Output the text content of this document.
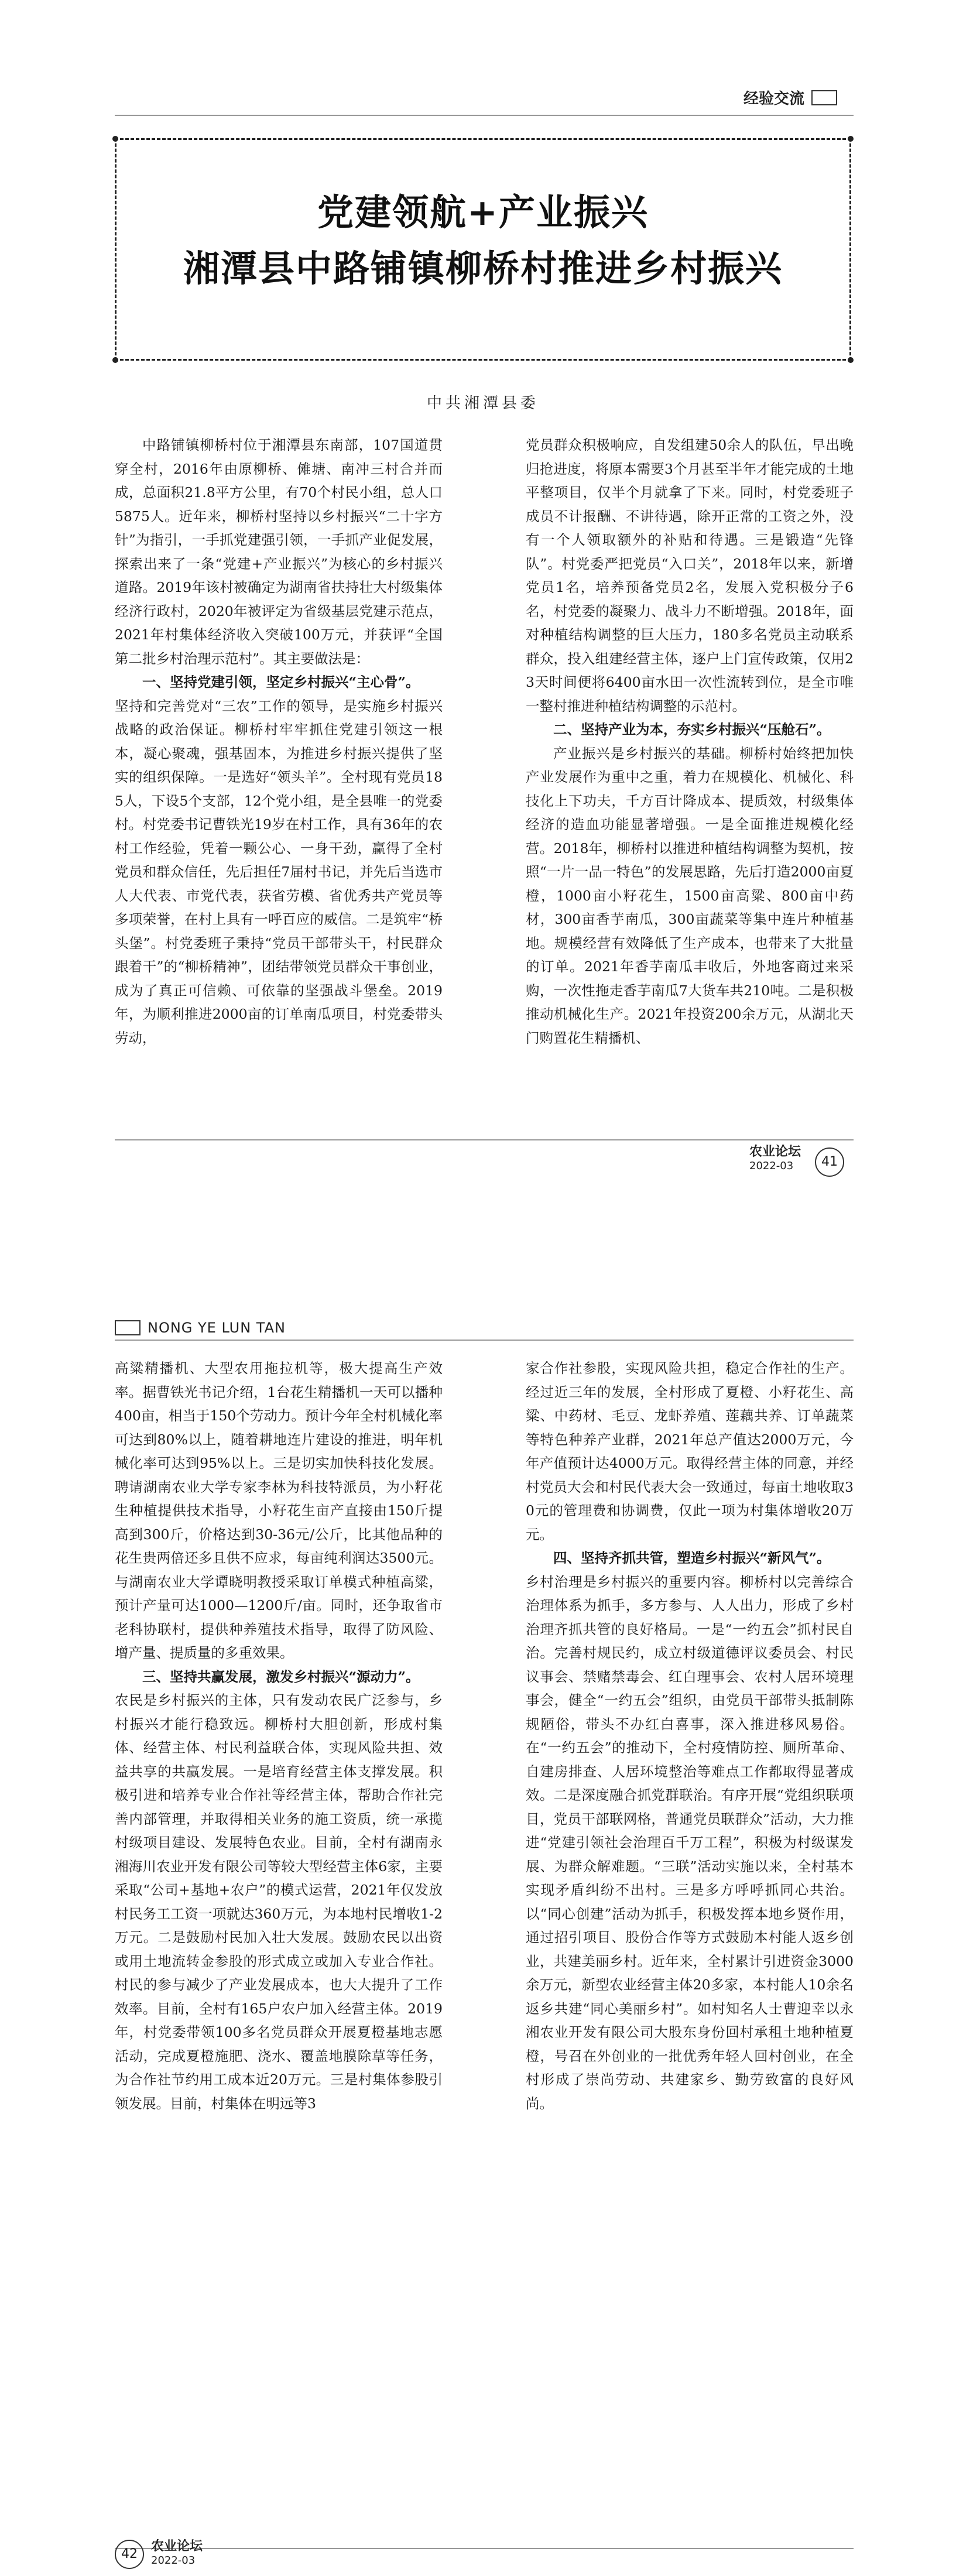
经验交流
党建领航+产业振兴
湘潭县中路铺镇柳桥村推进乡村振兴
中共湘潭县委

中路铺镇柳桥村位于湘潭县东南部，107国道贯穿全村，2016年由原柳桥、傩塘、南冲三村合并而成，总面积21.8平方公里，有70个村民小组，总人口5875人。近年来，柳桥村坚持以乡村振兴“二十字方针”为指引，一手抓党建强引领，一手抓产业促发展，探索出来了一条“党建+产业振兴”为核心的乡村振兴道路。2019年该村被确定为湖南省扶持壮大村级集体经济行政村，2020年被评定为省级基层党建示范点，2021年村集体经济收入突破100万元，并获评“全国第二批乡村治理示范村”。其主要做法是：

一、坚持党建引领，坚定乡村振兴“主心骨”。

坚持和完善党对“三农”工作的领导，是实施乡村振兴战略的政治保证。柳桥村牢牢抓住党建引领这一根本，凝心聚魂，强基固本，为推进乡村振兴提供了坚实的组织保障。一是选好“领头羊”。全村现有党员185人，下设5个支部，12个党小组，是全县唯一的党委村。村党委书记曹铁光19岁在村工作，具有36年的农村工作经验，凭着一颗公心、一身干劲，赢得了全村党员和群众信任，先后担任7届村书记，并先后当选市人大代表、市党代表，获省劳模、省优秀共产党员等多项荣誉，在村上具有一呼百应的威信。二是筑牢“桥头堡”。村党委班子秉持“党员干部带头干，村民群众跟着干”的“柳桥精神”，团结带领党员群众干事创业，成为了真正可信赖、可依靠的坚强战斗堡垒。2019年，为顺利推进2000亩的订单南瓜项目，村党委带头劳动，

党员群众积极响应，自发组建50余人的队伍，早出晚归抢进度，将原本需要3个月甚至半年才能完成的土地平整项目，仅半个月就拿了下来。同时，村党委班子成员不计报酬、不讲待遇，除开正常的工资之外，没有一个人领取额外的补贴和待遇。三是锻造“先锋队”。村党委严把党员“入口关”，2018年以来，新增党员1名，培养预备党员2名，发展入党积极分子6名，村党委的凝聚力、战斗力不断增强。2018年，面对种植结构调整的巨大压力，180多名党员主动联系群众，投入组建经营主体，逐户上门宣传政策，仅用23天时间便将6400亩水田一次性流转到位，是全市唯一整村推进种植结构调整的示范村。

二、坚持产业为本，夯实乡村振兴“压舱石”。

产业振兴是乡村振兴的基础。柳桥村始终把加快产业发展作为重中之重，着力在规模化、机械化、科技化上下功夫，千方百计降成本、提质效，村级集体经济的造血功能显著增强。一是全面推进规模化经营。2018年，柳桥村以推进种植结构调整为契机，按照“一片一品一特色”的发展思路，先后打造2000亩夏橙，1000亩小籽花生，1500亩高粱、800亩中药材，300亩香芋南瓜，300亩蔬菜等集中连片种植基地。规模经营有效降低了生产成本，也带来了大批量的订单。2021年香芋南瓜丰收后，外地客商过来采购，一次性拖走香芋南瓜7大货车共210吨。二是积极推动机械化生产。2021年投资200余万元，从湖北天门购置花生精播机、

农业论坛
2022-03	41
NONG YE LUN TAN

高粱精播机、大型农用拖拉机等，极大提高生产效率。据曹铁光书记介绍，1台花生精播机一天可以播种400亩，相当于150个劳动力。预计今年全村机械化率可达到80%以上，随着耕地连片建设的推进，明年机械化率可达到95%以上。三是切实加快科技化发展。聘请湖南农业大学专家李林为科技特派员，为小籽花生种植提供技术指导，小籽花生亩产直接由150斤提高到300斤，价格达到30-36元/公斤，比其他品种的花生贵两倍还多且供不应求，每亩纯利润达3500元。与湖南农业大学谭晓明教授采取订单模式种植高粱，预计产量可达1000—1200斤/亩。同时，还争取省市老科协联村，提供种养殖技术指导，取得了防风险、增产量、提质量的多重效果。

三、坚持共赢发展，激发乡村振兴“源动力”。

农民是乡村振兴的主体，只有发动农民广泛参与，乡村振兴才能行稳致远。柳桥村大胆创新，形成村集体、经营主体、村民利益联合体，实现风险共担、效益共享的共赢发展。一是培育经营主体支撑发展。积极引进和培养专业合作社等经营主体，帮助合作社完善内部管理，并取得相关业务的施工资质，统一承揽村级项目建设、发展特色农业。目前，全村有湖南永湘海川农业开发有限公司等较大型经营主体6家，主要采取“公司+基地+农户”的模式运营，2021年仅发放村民务工工资一项就达360万元，为本地村民增收1-2万元。二是鼓励村民加入壮大发展。鼓励农民以出资或用土地流转金参股的形式成立或加入专业合作社。村民的参与减少了产业发展成本，也大大提升了工作效率。目前，全村有165户农户加入经营主体。2019年，村党委带领100多名党员群众开展夏橙基地志愿活动，完成夏橙施肥、浇水、覆盖地膜除草等任务，为合作社节约用工成本近20万元。三是村集体参股引领发展。目前，村集体在明远等3

家合作社参股，实现风险共担，稳定合作社的生产。经过近三年的发展，全村形成了夏橙、小籽花生、高粱、中药材、毛豆、龙虾养殖、莲藕共养、订单蔬菜等特色种养产业群，2021年总产值达2000万元，今年产值预计达4000万元。取得经营主体的同意，并经村党员大会和村民代表大会一致通过，每亩土地收取30元的管理费和协调费，仅此一项为村集体增收20万元。

四、坚持齐抓共管，塑造乡村振兴“新风气”。

乡村治理是乡村振兴的重要内容。柳桥村以完善综合治理体系为抓手，多方参与、人人出力，形成了乡村治理齐抓共管的良好格局。一是“一约五会”抓村民自治。完善村规民约，成立村级道德评议委员会、村民议事会、禁赌禁毒会、红白理事会、农村人居环境理事会，健全“一约五会”组织，由党员干部带头抵制陈规陋俗，带头不办红白喜事，深入推进移风易俗。在“一约五会”的推动下，全村疫情防控、厕所革命、自建房排查、人居环境整治等难点工作都取得显著成效。二是深度融合抓党群联治。有序开展“党组织联项目，党员干部联网格，普通党员联群众”活动，大力推进“党建引领社会治理百千万工程”，积极为村级谋发展、为群众解难题。“三联”活动实施以来，全村基本实现矛盾纠纷不出村。三是多方呼呼抓同心共治。以“同心创建”活动为抓手，积极发挥本地乡贤作用，通过招引项目、股份合作等方式鼓励本村能人返乡创业，共建美丽乡村。近年来，全村累计引进资金3000余万元，新型农业经营主体20多家，本村能人10余名返乡共建“同心美丽乡村”。如村知名人士曹迎幸以永湘农业开发有限公司大股东身份回村承租土地种植夏橙，号召在外创业的一批优秀年轻人回村创业，在全村形成了崇尚劳动、共建家乡、勤劳致富的良好风尚。

42
农业论坛
2022-03
